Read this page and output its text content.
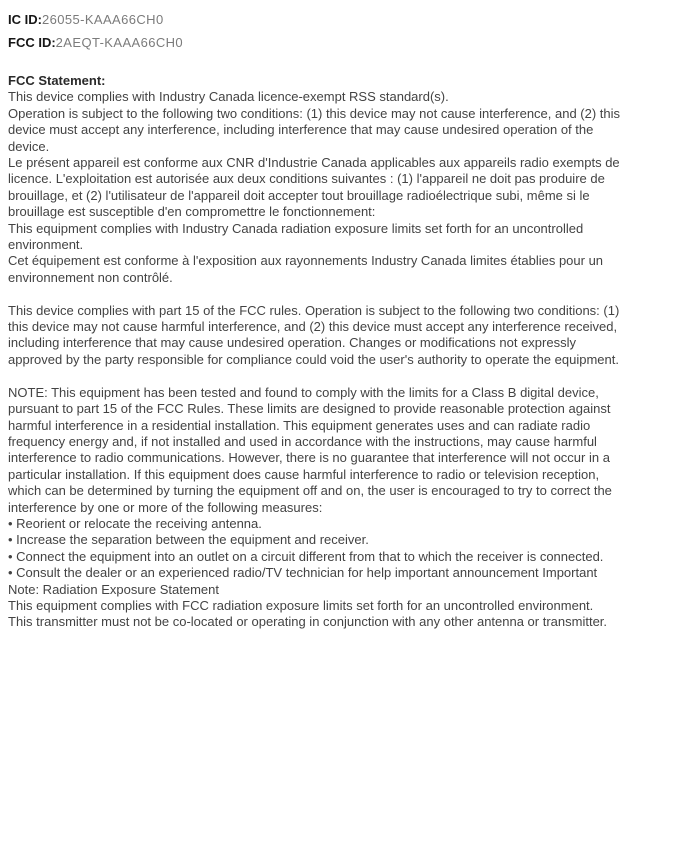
IC ID:26055-KAAA66CH0
FCC ID:2AEQT-KAAA66CH0
FCC Statement:
This device complies with Industry Canada licence-exempt RSS standard(s).
Operation is subject to the following two conditions: (1) this device may not cause interference, and (2) this
device must accept any interference, including interference that may cause undesired operation of the
device.
Le présent appareil est conforme aux CNR d'Industrie Canada applicables aux appareils radio exempts de
licence. L'exploitation est autorisée aux deux conditions suivantes : (1) l'appareil ne doit pas produire de
brouillage, et (2) l'utilisateur de l'appareil doit accepter tout brouillage radioélectrique subi, même si le
brouillage est susceptible d'en compromettre le fonctionnement:
This equipment complies with Industry Canada radiation exposure limits set forth for an uncontrolled
environment.
Cet équipement est conforme à l'exposition aux rayonnements Industry Canada limites établies pour un
environnement non contrôlé.
This device complies with part 15 of the FCC rules. Operation is subject to the following two conditions: (1)
this device may not cause harmful interference, and (2) this device must accept any interference received,
including interference that may cause undesired operation. Changes or modifications not expressly
approved by the party responsible for compliance could void the user's authority to operate the equipment.
NOTE: This equipment has been tested and found to comply with the limits for a Class B digital device,
pursuant to part 15 of the FCC Rules. These limits are designed to provide reasonable protection against
harmful interference in a residential installation. This equipment generates uses and can radiate radio
frequency energy and, if not installed and used in accordance with the instructions, may cause harmful
interference to radio communications. However, there is no guarantee that interference will not occur in a
particular installation. If this equipment does cause harmful interference to radio or television reception,
which can be determined by turning the equipment off and on, the user is encouraged to try to correct the
interference by one or more of the following measures:
• Reorient or relocate the receiving antenna.
• Increase the separation between the equipment and receiver.
• Connect the equipment into an outlet on a circuit different from that to which the receiver is connected.
• Consult the dealer or an experienced radio/TV technician for help important announcement Important
Note: Radiation Exposure Statement
This equipment complies with FCC radiation exposure limits set forth for an uncontrolled environment.
This transmitter must not be co-located or operating in conjunction with any other antenna or transmitter.
